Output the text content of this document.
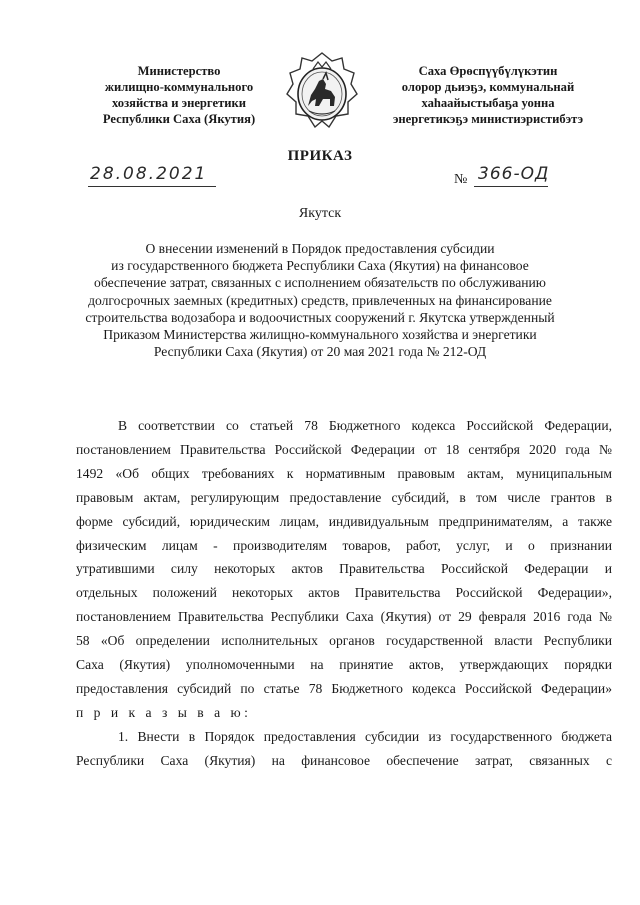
Министерство
жилищно-коммунального
хозяйства и энергетики
Республики Саха (Якутия)
Саха Өрөспүүбүлүкэтин
олорор дьиэҕэ, коммунальнай
хаһаайыстыбаҕа уонна
энергетикэҕэ министиэристибэтэ
ПРИКАЗ
28.08.2021	№ 366-ОД
Якутск
О внесении изменений в Порядок предоставления субсидии
из государственного бюджета Республики Саха (Якутия) на финансовое
обеспечение затрат, связанных с исполнением обязательств по обслуживанию
долгосрочных заемных (кредитных) средств, привлеченных на финансирование
строительства водозабора и водоочистных сооружений г. Якутска утвержденный
Приказом Министерства жилищно-коммунального хозяйства и энергетики
Республики Саха (Якутия) от 20 мая 2021 года № 212-ОД
В соответствии со статьей 78 Бюджетного кодекса Российской Федерации,
постановлением Правительства Российской Федерации от 18 сентября 2020 года №
1492 «Об общих требованиях к нормативным правовым актам, муниципальным
правовым актам, регулирующим предоставление субсидий, в том числе грантов в
форме субсидий, юридическим лицам, индивидуальным предпринимателям, а также
физическим лицам - производителям товаров, работ, услуг, и о признании
утратившими силу некоторых актов Правительства Российской Федерации и
отдельных положений некоторых актов Правительства Российской Федерации»,
постановлением Правительства Республики Саха (Якутия) от 29 февраля 2016 года №
58 «Об определении исполнительных органов государственной власти Республики
Саха (Якутия) уполномоченными на принятие актов, утверждающих порядки
предоставления субсидий по статье 78 Бюджетного кодекса Российской Федерации»
п р и к а з ы в а ю:
1. Внести в Порядок предоставления субсидии из государственного бюджета
Республики Саха (Якутия) на финансовое обеспечение затрат, связанных с
